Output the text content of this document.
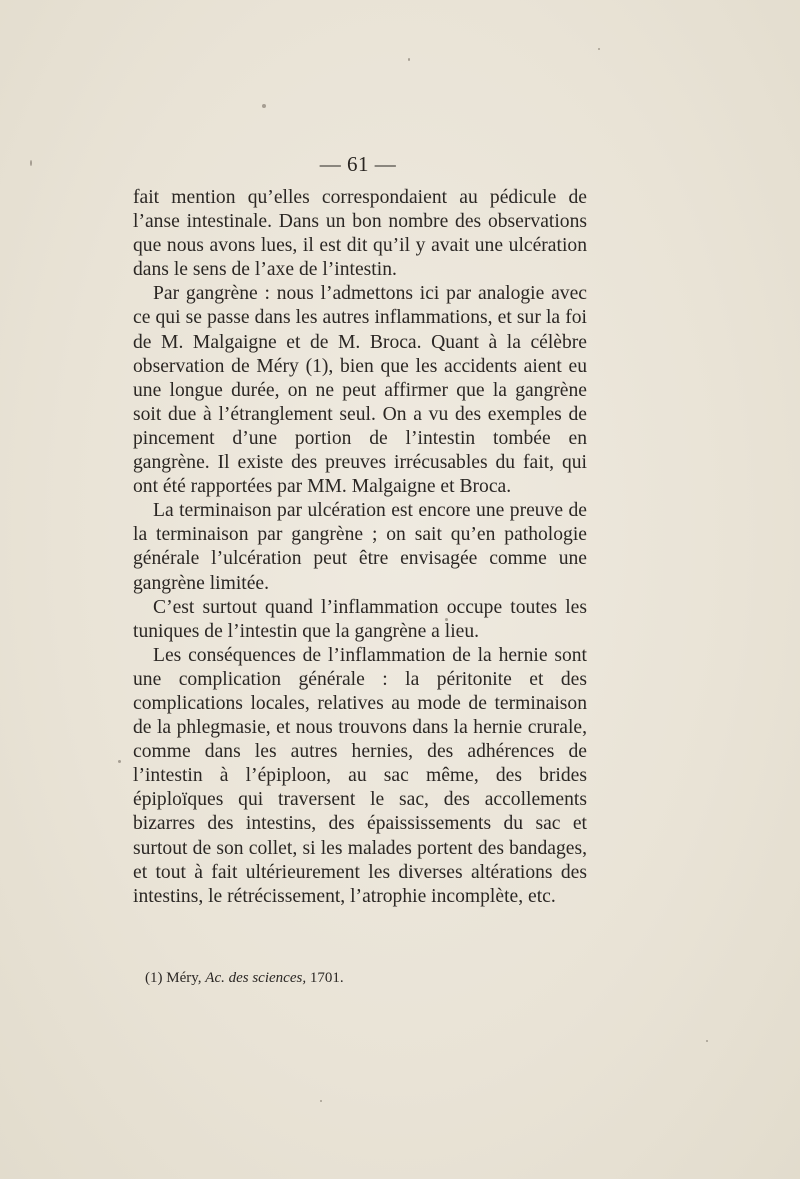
— 61 —

fait mention qu’elles correspondaient au pédicule de l’anse intestinale. Dans un bon nombre des observations que nous avons lues, il est dit qu’il y avait une ulcération dans le sens de l’axe de l’intestin.

Par gangrène : nous l’admettons ici par analogie avec ce qui se passe dans les autres inflammations, et sur la foi de M. Malgaigne et de M. Broca. Quant à la célèbre observation de Méry (1), bien que les accidents aient eu une longue durée, on ne peut affirmer que la gangrène soit due à l’étranglement seul. On a vu des exemples de pincement d’une portion de l’intestin tombée en gangrène. Il existe des preuves irrécusables du fait, qui ont été rapportées par MM. Malgaigne et Broca.

La terminaison par ulcération est encore une preuve de la terminaison par gangrène ; on sait qu’en pathologie générale l’ulcération peut être envisagée comme une gangrène limitée.

C’est surtout quand l’inflammation occupe toutes les tuniques de l’intestin que la gangrène a lieu.

Les conséquences de l’inflammation de la hernie sont une complication générale : la péritonite et des complications locales, relatives au mode de terminaison de la phlegmasie, et nous trouvons dans la hernie crurale, comme dans les autres hernies, des adhérences de l’intestin à l’épiploon, au sac même, des brides épiploïques qui traversent le sac, des accollements bizarres des intestins, des épaississements du sac et surtout de son collet, si les malades portent des bandages, et tout à fait ultérieurement les diverses altérations des intestins, le rétrécissement, l’atrophie incomplète, etc.

(1) Méry, Ac. des sciences, 1701.
